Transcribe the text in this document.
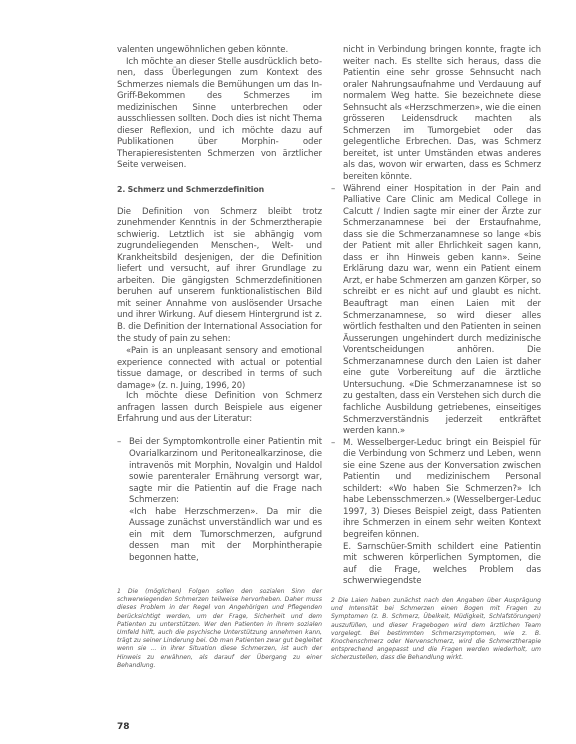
valenten ungewöhnlichen geben könnte.

Ich möchte an dieser Stelle ausdrücklich beto-nen, dass Überlegungen zum Kontext des Schmerzes niemals die Bemühungen um das In-Griff-Bekommen des Schmerzes im medizinischen Sinne unterbrechen oder ausschliessen sollten. Doch dies ist nicht Thema dieser Reflexion, und ich möchte dazu auf Publikationen über Morphin- oder Therapieresistenten Schmerzen von ärztlicher Seite verweisen.

2. Schmerz und Schmerzdefinition

Die Definition von Schmerz bleibt trotz zunehmender Kenntnis in der Schmerztherapie schwierig. Letztlich ist sie abhängig vom zugrundeliegenden Menschen-, Welt- und Krankheitsbild desjenigen, der die Definition liefert und versucht, auf ihrer Grundlage zu arbeiten. Die gängigsten Schmerzdefinitionen beruhen auf unserem funktionalistischen Bild mit seiner Annahme von auslösender Ursache und ihrer Wirkung. Auf diesem Hintergrund ist z. B. die Definition der International Association for the study of pain zu sehen:

«Pain is an unpleasant sensory and emotional experience connected with actual or potential tissue damage, or described in terms of such damage» (z. n. Juing, 1996, 20)

Ich möchte diese Definition von Schmerz anfragen lassen durch Beispiele aus eigener Erfahrung und aus der Literatur:

– Bei der Symptomkontrolle einer Patientin mit Ovarialkarzinom und Peritonealkarzinose, die intravenös mit Morphin, Novalgin und Haldol sowie parenteraler Ernährung versorgt war, sagte mir die Patientin auf die Frage nach Schmerzen:

«Ich habe Herzschmerzen». Da mir die Aussage zunächst unverständlich war und es ein mit dem Tumorschmerzen, aufgrund dessen man mit der Morphintherapie begonnen hatte,

nicht in Verbindung bringen konnte, fragte ich weiter nach. Es stellte sich heraus, dass die Patientin eine sehr grosse Sehnsucht nach oraler Nahrungsaufnahme und Verdauung auf normalem Weg hatte. Sie bezeichnete diese Sehnsucht als «Herzschmerzen», wie die einen grösseren Leidensdruck machten als Schmerzen im Tumorgebiet oder das gelegentliche Erbrechen. Das, was Schmerz bereitet, ist unter Umständen etwas anderes als das, wovon wir erwarten, dass es Schmerz bereiten könnte.

– Während einer Hospitation in der Pain and Palliative Care Clinic am Medical College in Calcutt / Indien sagte mir einer der Ärzte zur Schmerzanamnese bei der Erstaufnahme, dass sie die Schmerzanamnese so lange «bis der Patient mit aller Ehrlichkeit sagen kann, dass er ihn Hinweis geben kann». Seine Erklärung dazu war, wenn ein Patient einem Arzt, er habe Schmerzen am ganzen Körper, so schreibt er es nicht auf und glaubt es nicht. Beauftragt man einen Laien mit der Schmerzanamnese, so wird dieser alles wörtlich festhalten und den Patienten in seinen Äusserungen ungehindert durch medizinische Vorentscheidungen anhören. Die Schmerzanamnese durch den Laien ist daher eine gute Vorbereitung auf die ärztliche Untersuchung. «Die Schmerzanamnese ist so zu gestalten, dass ein Verstehen sich durch die fachliche Ausbildung getriebenes, einseitiges Schmerzverständnis jederzeit entkräftet werden kann.»
– M. Wesselberger-Leduc bringt ein Beispiel für die Verbindung von Schmerz und Leben, wenn sie eine Szene aus der Konversation zwischen Patientin und medizinischem Personal schildert: «Wo haben Sie Schmerzen?» Ich habe Lebensschmerzen.» (Wesselberger-Leduc 1997, 3) Dieses Beispiel zeigt, dass Patienten ihre Schmerzen in einem sehr weiten Kontext begreifen können.

E. Sarnschüer-Smith schildert eine Patientin mit schweren körperlichen Symptomen, die auf die Frage, welches Problem das schwerwiegendste

1 Die (möglichen) Folgen sollen den sozialen Sinn der schwerwiegenden Schmerzen teilweise hervorheben. Daher muss dieses Problem in der Regel von Angehörigen und Pflegenden berücksichtigt werden, um der Frage, Sicherheit und dem Patienten zu unterstützen. Wer den Patienten in ihrem sozialen Umfeld hilft, auch die psychische Unterstützung annehmen kann, trägt zu seiner Linderung bei. Ob man Patienten zwar gut begleitet wenn sie ... in ihrer Situation diese Schmerzen, ist auch der Hinweis zu erwähnen, als darauf der Übergang zu einer Behandlung.
2 Die Laien haben zunächst nach den Angaben über Ausprägung und Intensität bei Schmerzen einen Bogen mit Fragen zu Symptomen (z. B. Schmerz, Übelkeit, Müdigkeit, Schlafstörungen) auszufüllen, und dieser Fragebogen wird dem ärztlichen Team vorgelegt. Bei bestimmten Schmerzsymptomen, wie z. B. Knochenschmerz oder Nervenschmerz, wird die Schmerztherapie entsprechend angepasst und die Fragen werden wiederholt, um sicherzustellen, dass die Behandlung wirkt.
78
